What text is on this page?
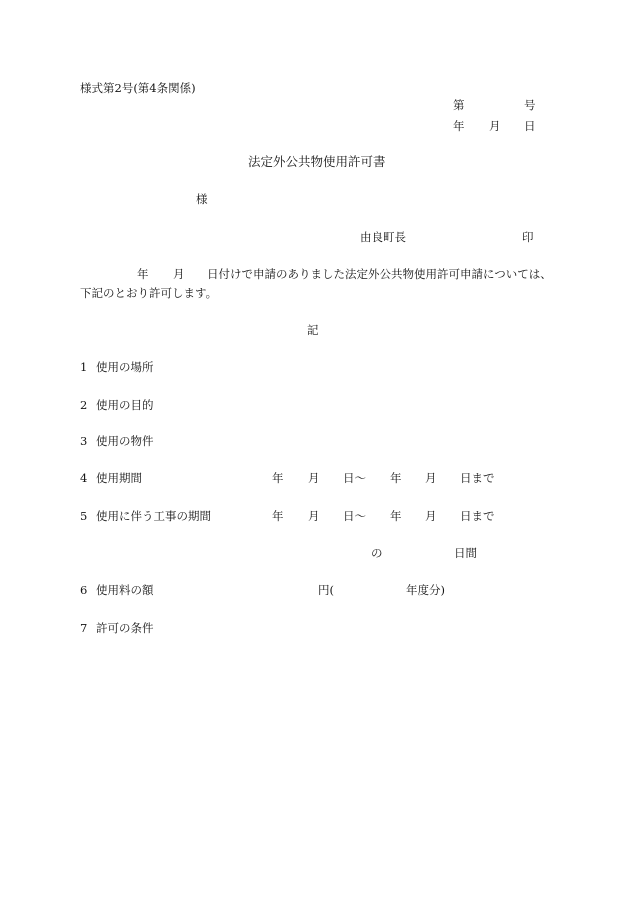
様式第2号(第4条関係)
第	号
年 月 日
法定外公共物使用許可書
様
由良町長	印
年 月 日付けで申請のありました法定外公共物使用許可申請については、
下記のとおり許可します。
記
1 使用の場所
2 使用の目的
3 使用の物件
4 使用期間	年 月 日～ 年 月 日まで
5 使用に伴う工事の期間	年 月 日～ 年 月 日まで
の	日間
6 使用料の額	円(	年度分)
7 許可の条件
